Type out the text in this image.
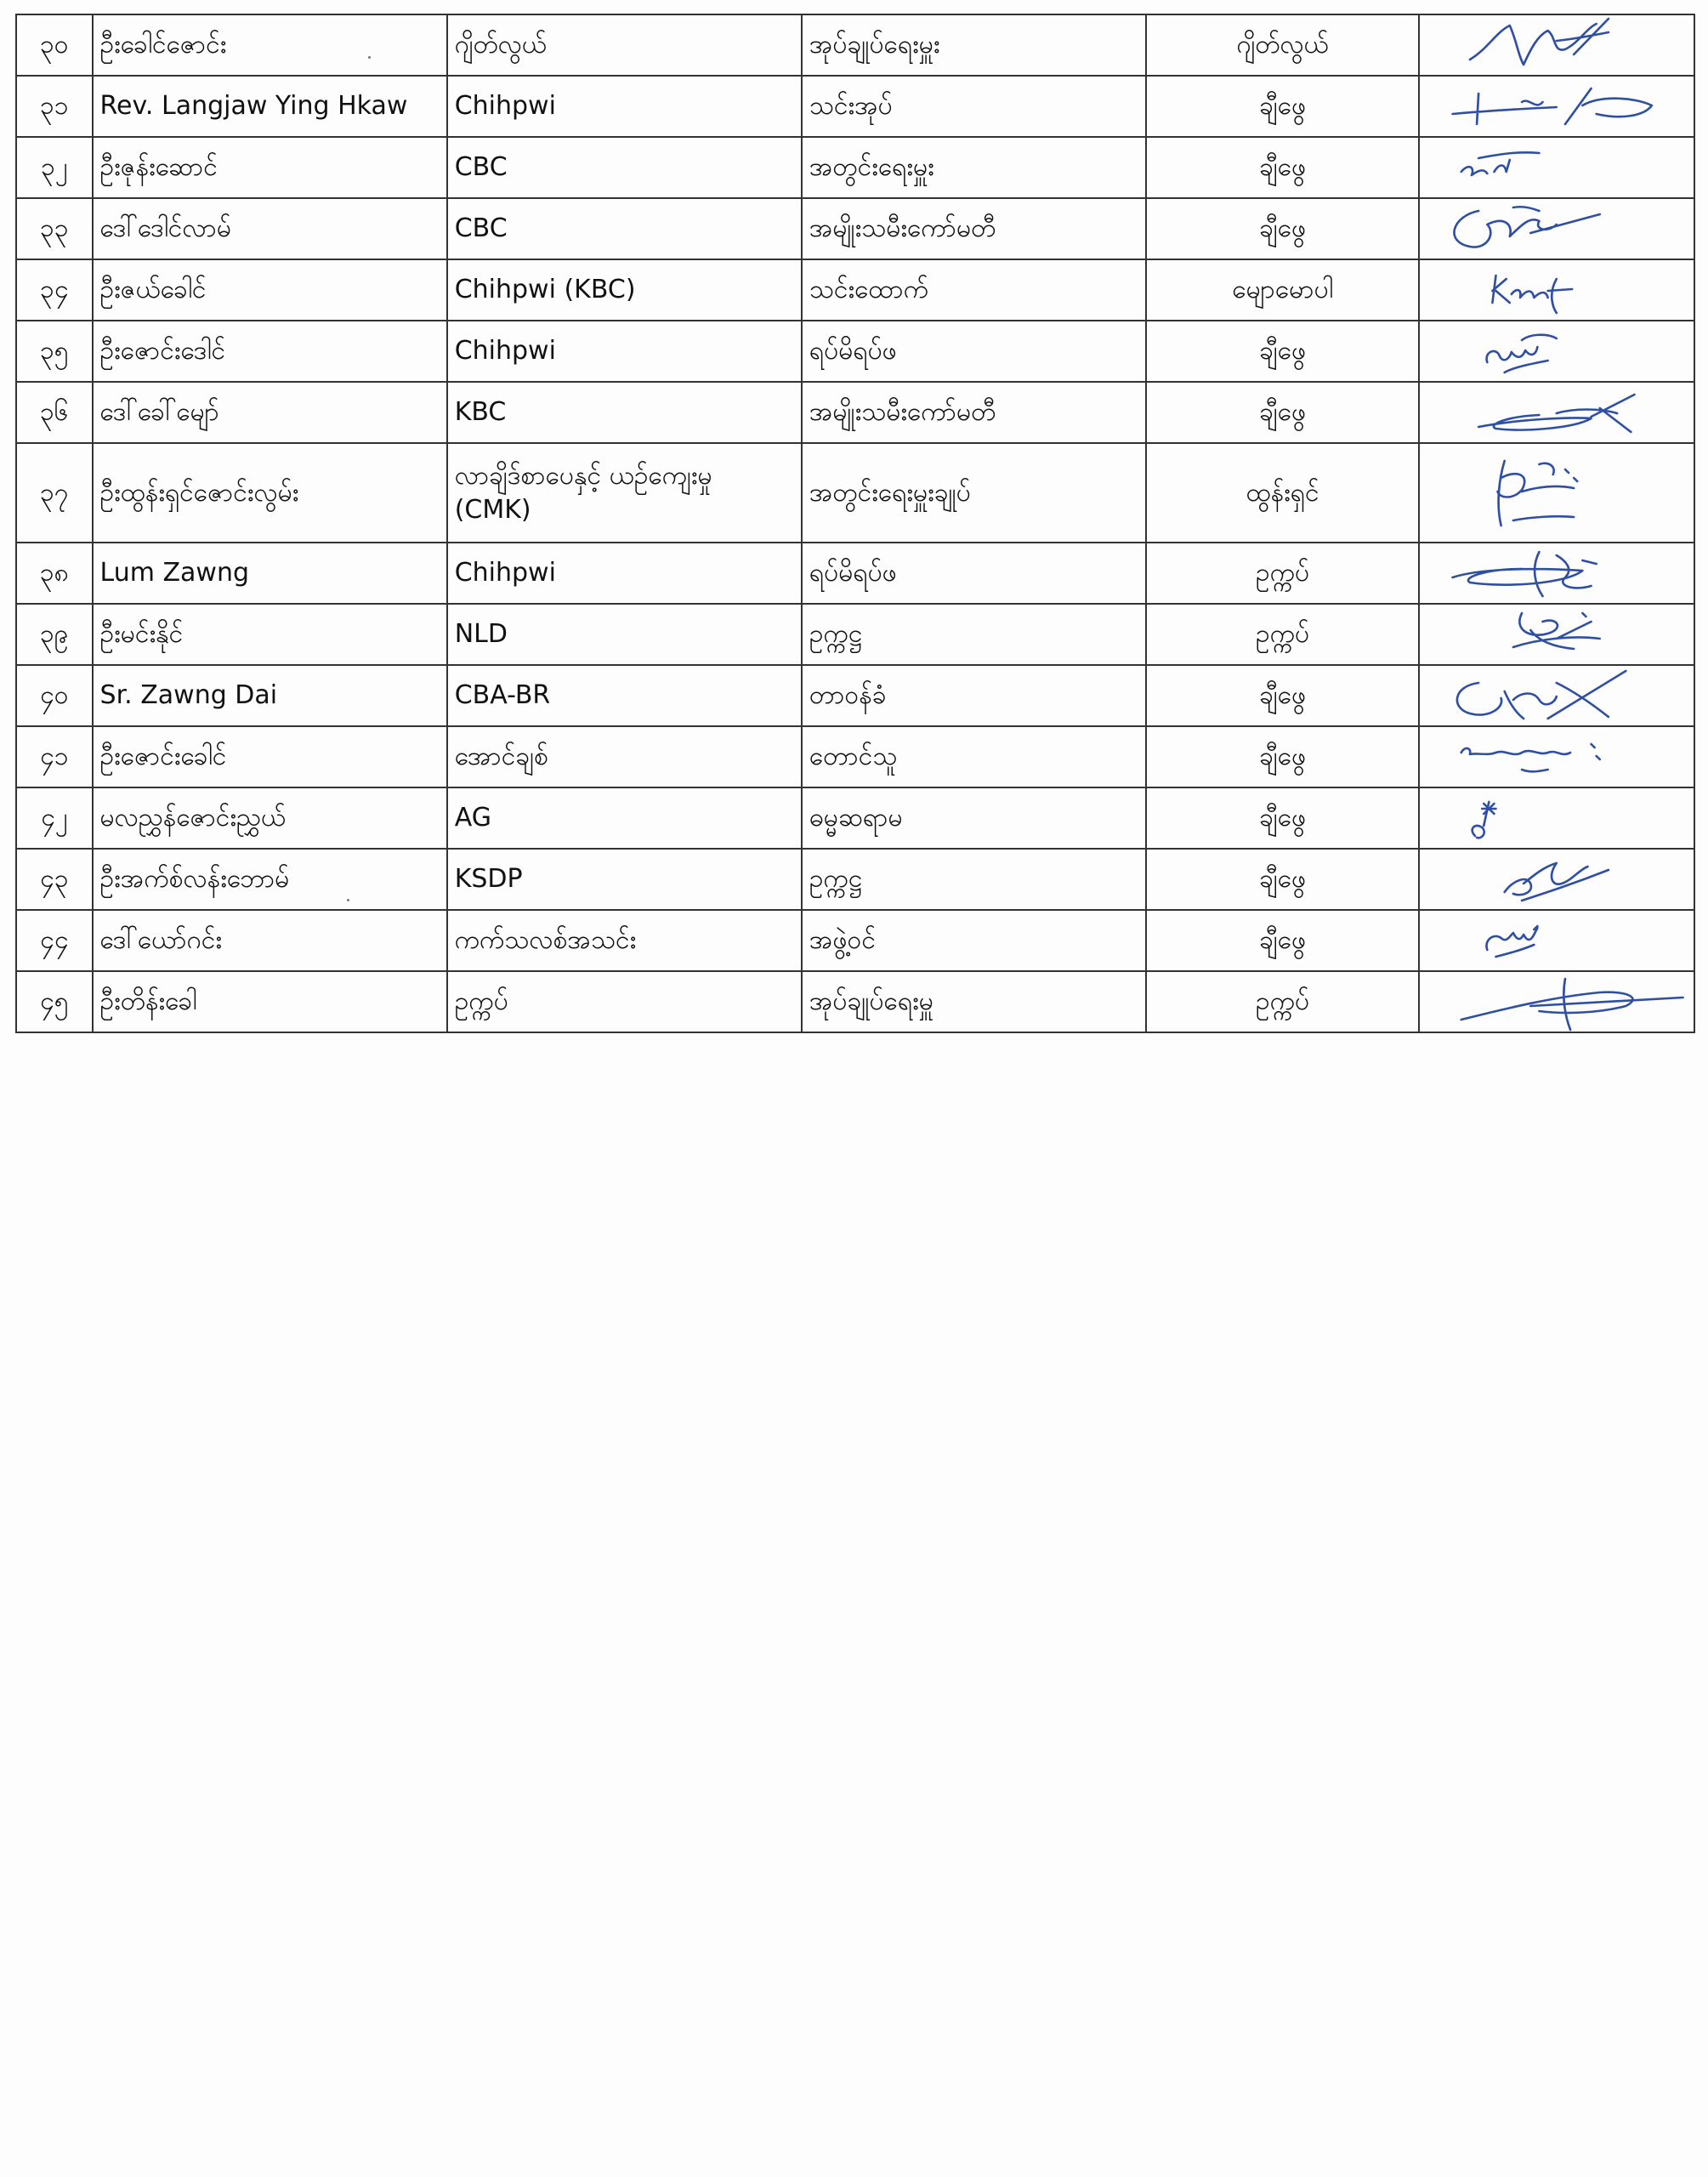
၃၀	ဦးခေါင်ဇောင်း	ဂျိတ်လွယ်	အုပ်ချုပ်ရေးမှူး	ဂျိတ်လွယ်	

၃၁	Rev. Langjaw Ying Hkaw	Chihpwi	သင်းအုပ်	ချီဖွေ	

၃၂	ဦးဇုန်းဆောင်	CBC	အတွင်းရေးမှူး	ချီဖွေ	

၃၃	ဒေါ်ဒေါင်လာမ်	CBC	အမျိုးသမီးကော်မတီ	ချီဖွေ	

၃၄	ဦးဇယ်ခေါင်	Chihpwi (KBC)	သင်းထောက်	မျောမောပါ	

၃၅	ဦးဇောင်းဒေါင်	Chihpwi	ရပ်မိရပ်ဖ	ချီဖွေ	

၃၆	ဒေါ်ခေါ်မျော်	KBC	အမျိုးသမီးကော်မတီ	ချီဖွေ	

၃၇	ဦးထွန်းရှင်ဇောင်းလွမ်း	လာချိဒ်စာပေနှင့် ယဉ်ကျေးမှု (CMK)	အတွင်းရေးမှူးချုပ်	ထွန်းရှင်	

၃၈	Lum Zawng	Chihpwi	ရပ်မိရပ်ဖ	ဥက္ကပ်	

၃၉	ဦးမင်းနိုင်	NLD	ဥက္ကဋ္ဌ	ဥက္ကပ်	

၄၀	Sr. Zawng Dai	CBA-BR	တာဝန်ခံ	ချီဖွေ	

၄၁	ဦးဇောင်းခေါင်	အောင်ချစ်	တောင်သူ	ချီဖွေ	

၄၂	မလညွှန်ဇောင်းညွှယ်	AG	ဓမ္မဆရာမ	ချီဖွေ	

၄၃	ဦးအက်စ်လန်းဘောမ်	KSDP	ဥက္ကဋ္ဌ	ချီဖွေ	

၄၄	ဒေါ်ယော်ဂင်း	ကက်သလစ်အသင်း	အဖွဲ့ဝင်	ချီဖွေ	

၄၅	ဦးတိန်းခေါ	ဥက္ကပ်	အုပ်ချုပ်ရေးမှူ	ဥက္ကပ်	
